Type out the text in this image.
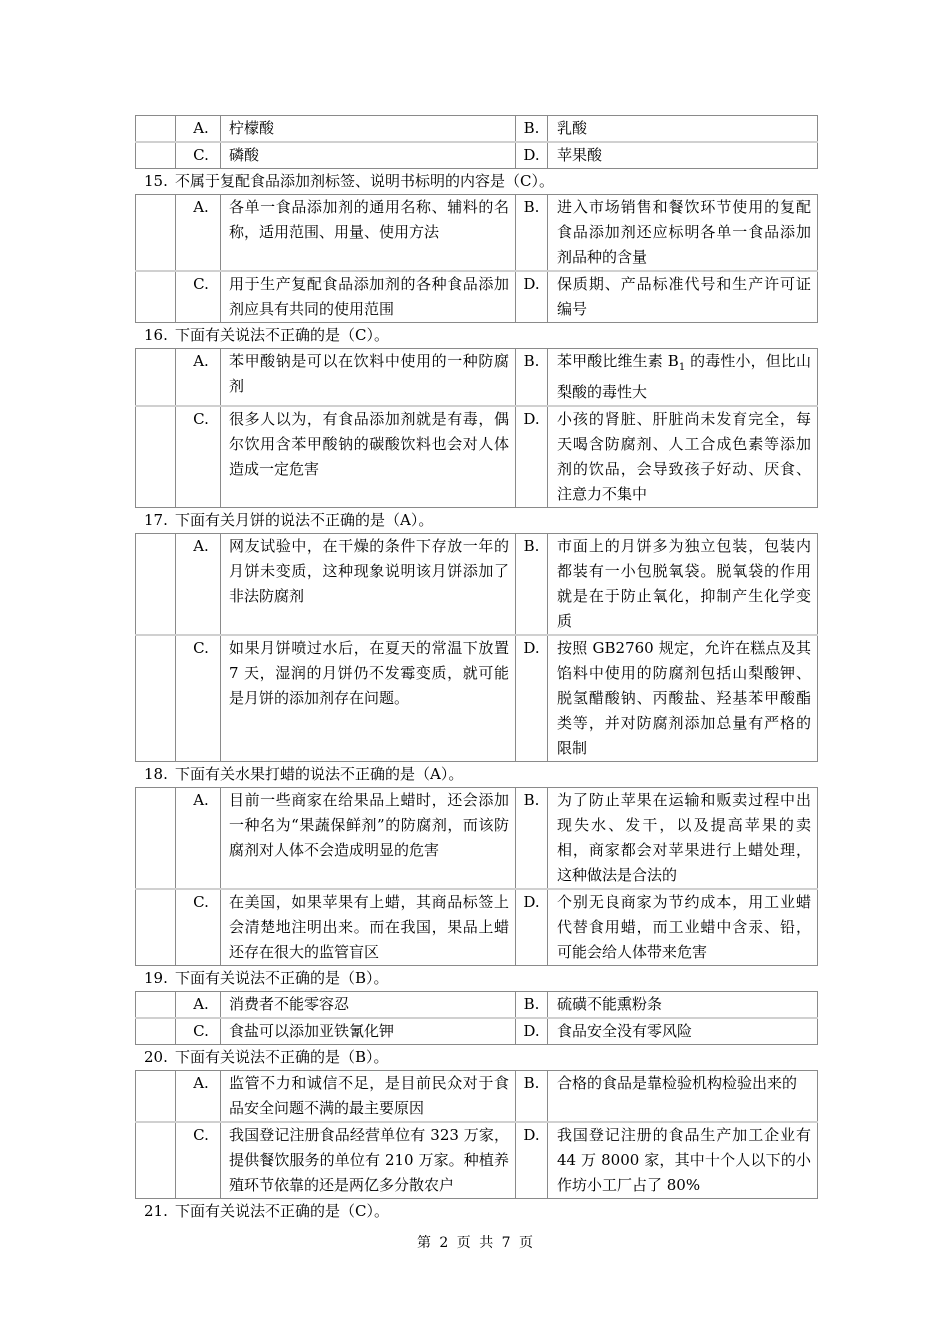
	A.	柠檬酸	B.	乳酸
	C.	磷酸	D.	苹果酸
15. 不属于复配食品添加剂标签、说明书标明的内容是（C）。
	A.	各单一食品添加剂的通用名称、辅料的名称，适用范围、用量、使用方法	B.	进入市场销售和餐饮环节使用的复配食品添加剂还应标明各单一食品添加剂品种的含量
	C.	用于生产复配食品添加剂的各种食品添加剂应具有共同的使用范围	D.	保质期、产品标准代号和生产许可证编号
16. 下面有关说法不正确的是（C）。
	A.	苯甲酸钠是可以在饮料中使用的一种防腐剂	B.	苯甲酸比维生素 $B_1$ 的毒性小，但比山梨酸的毒性大
	C.	很多人以为，有食品添加剂就是有毒，偶尔饮用含苯甲酸钠的碳酸饮料也会对人体造成一定危害	D.	小孩的肾脏、肝脏尚未发育完全，每天喝含防腐剂、人工合成色素等添加剂的饮品，会导致孩子好动、厌食、注意力不集中
17. 下面有关月饼的说法不正确的是（A）。
	A.	网友试验中，在干燥的条件下存放一年的月饼未变质，这种现象说明该月饼添加了非法防腐剂	B.	市面上的月饼多为独立包装，包装内都装有一小包脱氧袋。脱氧袋的作用就是在于防止氧化，抑制产生化学变质
	C.	如果月饼喷过水后，在夏天的常温下放置 7 天，湿润的月饼仍不发霉变质，就可能是月饼的添加剂存在问题。	D.	按照 GB2760 规定，允许在糕点及其馅料中使用的防腐剂包括山梨酸钾、脱氢醋酸钠、丙酸盐、羟基苯甲酸酯类等，并对防腐剂添加总量有严格的限制
18. 下面有关水果打蜡的说法不正确的是（A）。
	A.	目前一些商家在给果品上蜡时，还会添加一种名为“果蔬保鲜剂”的防腐剂，而该防腐剂对人体不会造成明显的危害	B.	为了防止苹果在运输和贩卖过程中出现失水、发干，以及提高苹果的卖相，商家都会对苹果进行上蜡处理，这种做法是合法的
	C.	在美国，如果苹果有上蜡，其商品标签上会清楚地注明出来。而在我国，果品上蜡还存在很大的监管盲区	D.	个别无良商家为节约成本，用工业蜡代替食用蜡，而工业蜡中含汞、铅，可能会给人体带来危害
19. 下面有关说法不正确的是（B）。
	A.	消费者不能零容忍	B.	硫磺不能熏粉条
	C.	食盐可以添加亚铁氰化钾	D.	食品安全没有零风险
20. 下面有关说法不正确的是（B）。
	A.	监管不力和诚信不足，是目前民众对于食品安全问题不满的最主要原因	B.	合格的食品是靠检验机构检验出来的
	C.	我国登记注册食品经营单位有 323 万家，提供餐饮服务的单位有 210 万家。种植养殖环节依靠的还是两亿多分散农户	D.	我国登记注册的食品生产加工企业有 44 万 8000 家，其中十个人以下的小作坊小工厂占了 80%
21. 下面有关说法不正确的是（C）。
第 2 页 共 7 页
